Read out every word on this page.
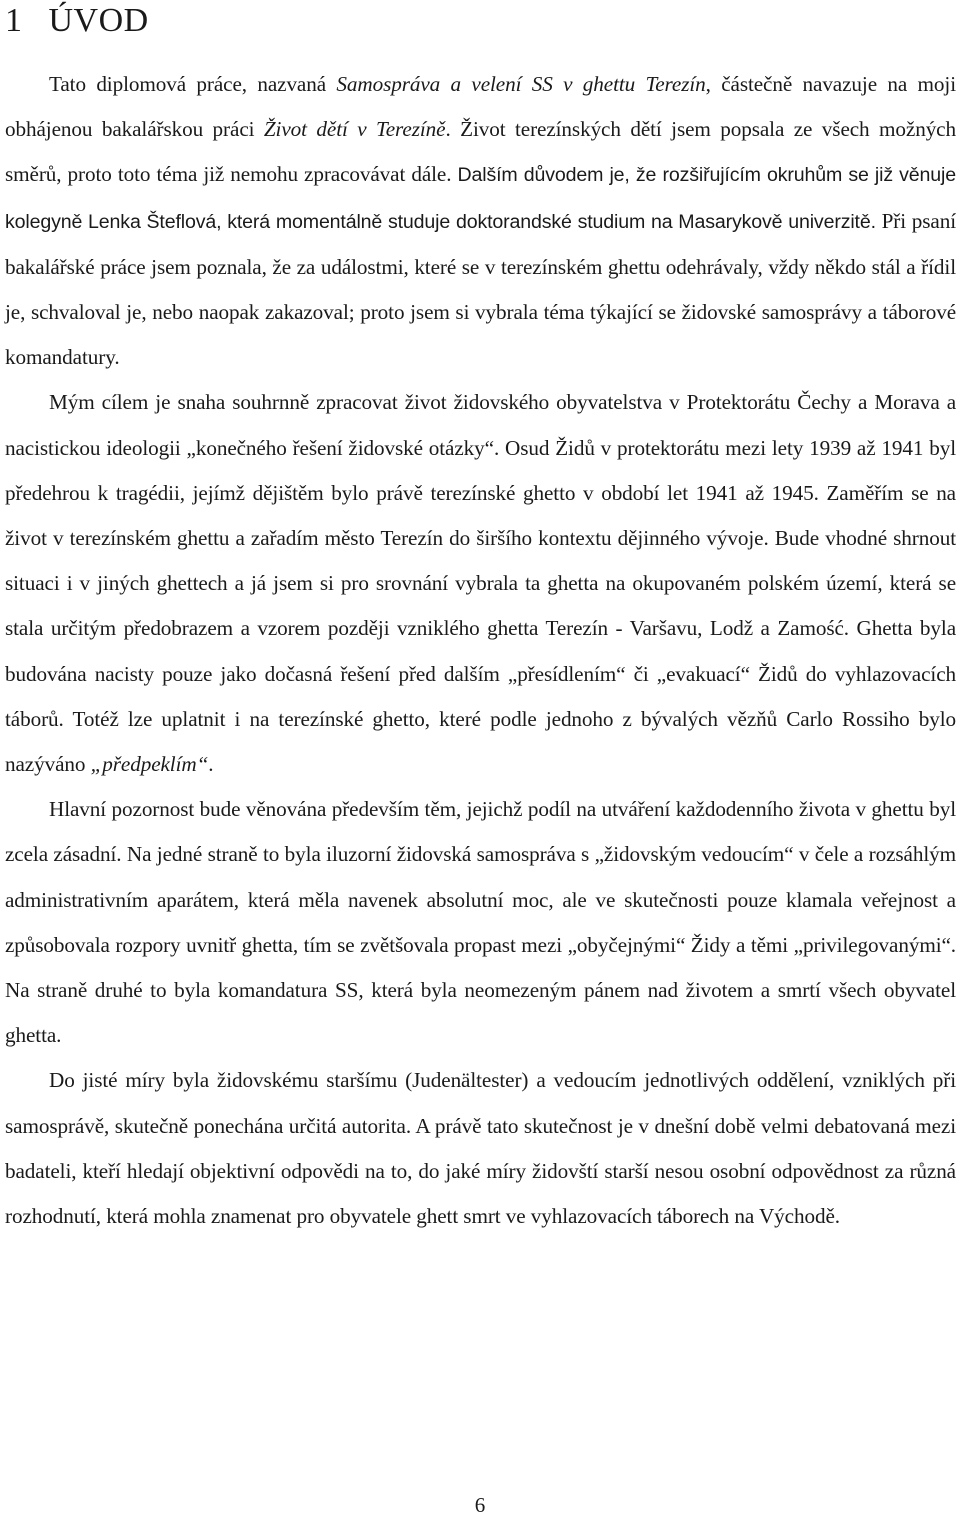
1 ÚVOD

Tato diplomová práce, nazvaná Samospráva a velení SS v ghettu Terezín, částečně navazuje na moji obhájenou bakalářskou práci Život dětí v Terezíně. Život terezínských dětí jsem popsala ze všech možných směrů, proto toto téma již nemohu zpracovávat dále. Dalším důvodem je, že rozšiřujícím okruhům se již věnuje kolegyně Lenka Šteflová, která momentálně studuje doktorandské studium na Masarykově univerzitě. Při psaní bakalářské práce jsem poznala, že za událostmi, které se v terezínském ghettu odehrávaly, vždy někdo stál a řídil je, schvaloval je, nebo naopak zakazoval; proto jsem si vybrala téma týkající se židovské samosprávy a táborové komandatury.

Mým cílem je snaha souhrnně zpracovat život židovského obyvatelstva v Protektorátu Čechy a Morava a nacistickou ideologii „konečného řešení židovské otázky“. Osud Židů v protektorátu mezi lety 1939 až 1941 byl předehrou k tragédii, jejímž dějištěm bylo právě terezínské ghetto v období let 1941 až 1945. Zaměřím se na život v terezínském ghettu a zařadím město Terezín do širšího kontextu dějinného vývoje. Bude vhodné shrnout situaci i v jiných ghettech a já jsem si pro srovnání vybrala ta ghetta na okupovaném polském území, která se stala určitým předobrazem a vzorem později vzniklého ghetta Terezín - Varšavu, Lodž a Zamość. Ghetta byla budována nacisty pouze jako dočasná řešení před dalším „přesídlením“ či „evakuací“ Židů do vyhlazovacích táborů. Totéž lze uplatnit i na terezínské ghetto, které podle jednoho z bývalých vězňů Carlo Rossiho bylo nazýváno „předpeklím“.

Hlavní pozornost bude věnována především těm, jejichž podíl na utváření každodenního života v ghettu byl zcela zásadní. Na jedné straně to byla iluzorní židovská samospráva s „židovským vedoucím“ v čele a rozsáhlým administrativním aparátem, která měla navenek absolutní moc, ale ve skutečnosti pouze klamala veřejnost a způsobovala rozpory uvnitř ghetta, tím se zvětšovala propast mezi „obyčejnými“ Židy a těmi „privilegovanými“. Na straně druhé to byla komandatura SS, která byla neomezeným pánem nad životem a smrtí všech obyvatel ghetta.

Do jisté míry byla židovskému staršímu (Judenältester) a vedoucím jednotlivých oddělení, vzniklých při samosprávě, skutečně ponechána určitá autorita. A právě tato skutečnost je v dnešní době velmi debatovaná mezi badateli, kteří hledají objektivní odpovědi na to, do jaké míry židovští starší nesou osobní odpovědnost za různá rozhodnutí, která mohla znamenat pro obyvatele ghett smrt ve vyhlazovacích táborech na Východě.

6
